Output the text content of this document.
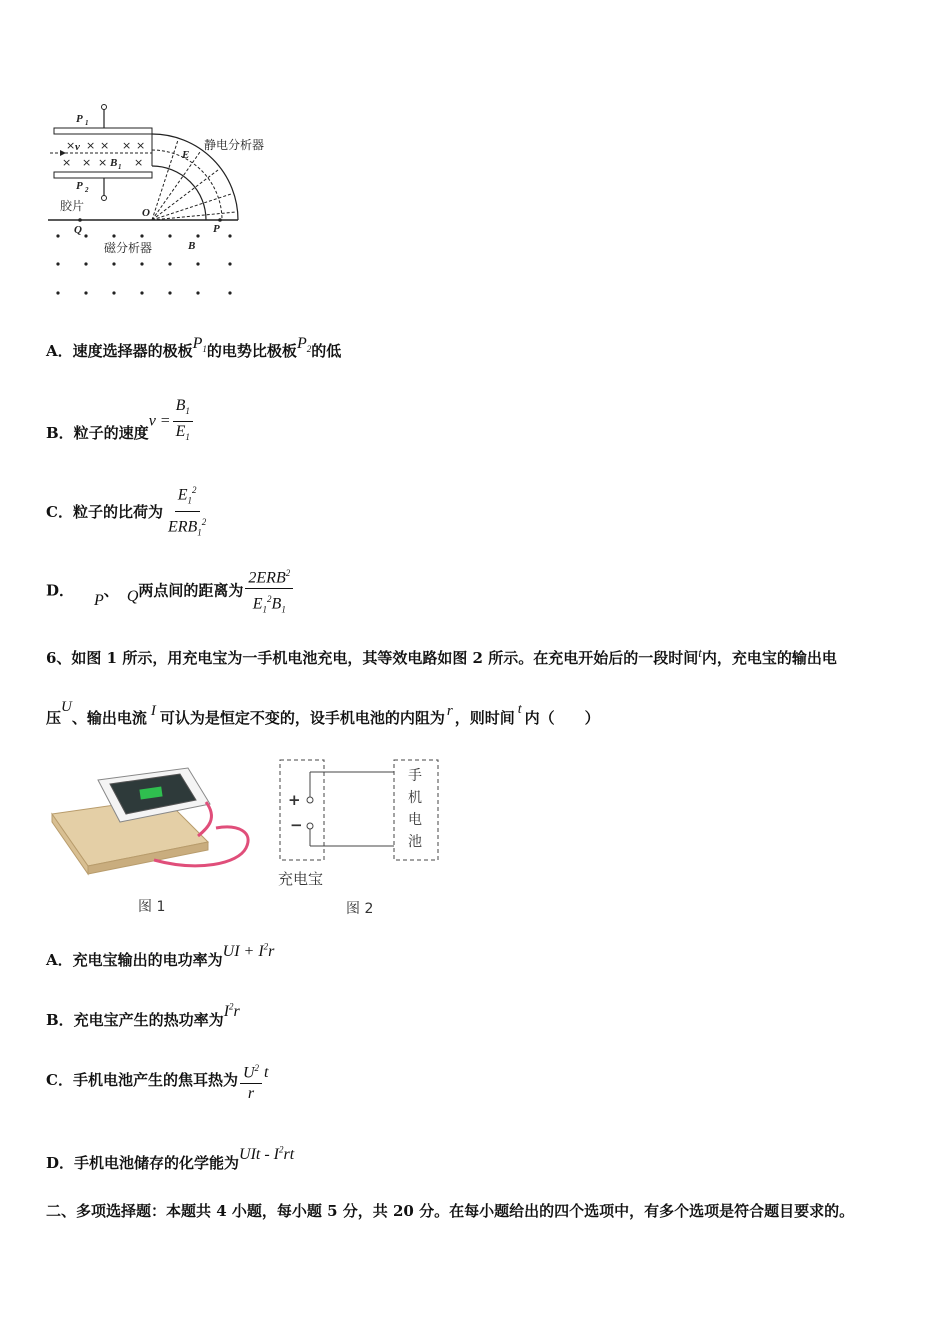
× × × × ×
× × × ×
P 1
P 2
v
B 1
E
O
Q	P
B
胶片
静电分析器
磁分析器
A．速度选择器的极板$P_1$的电势比极板$P_2$的低
B．粒子的速度$v = \frac{B_1}{E_1}$
C．粒子的比荷为 $\frac{E_1^2}{ERB_1^2}$
D．P、 Q两点间的距离为 $\frac{2ERB^2}{E_1^2B_1}$
6、如图 1 所示，用充电宝为一手机电池充电，其等效电路如图 2 所示。在充电开始后的一段时间t内，充电宝的输出电
压U、输出电流 I 可认为是恒定不变的，设手机电池的内阻为 r ，则时间 t 内（　　）
图 1
+
−
手
机
电
池
充电宝
图 2
A．充电宝输出的电功率为UI + $I^2r$
B．充电宝产生的热功率为$I^2r$
C．手机电池产生的焦耳热为 $\frac{U^2}{r}$ t
D．手机电池储存的化学能为UIt - $I^2rt$
二、多项选择题：本题共 4 小题，每小题 5 分，共 20 分。在每小题给出的四个选项中，有多个选项是符合题目要求的。
